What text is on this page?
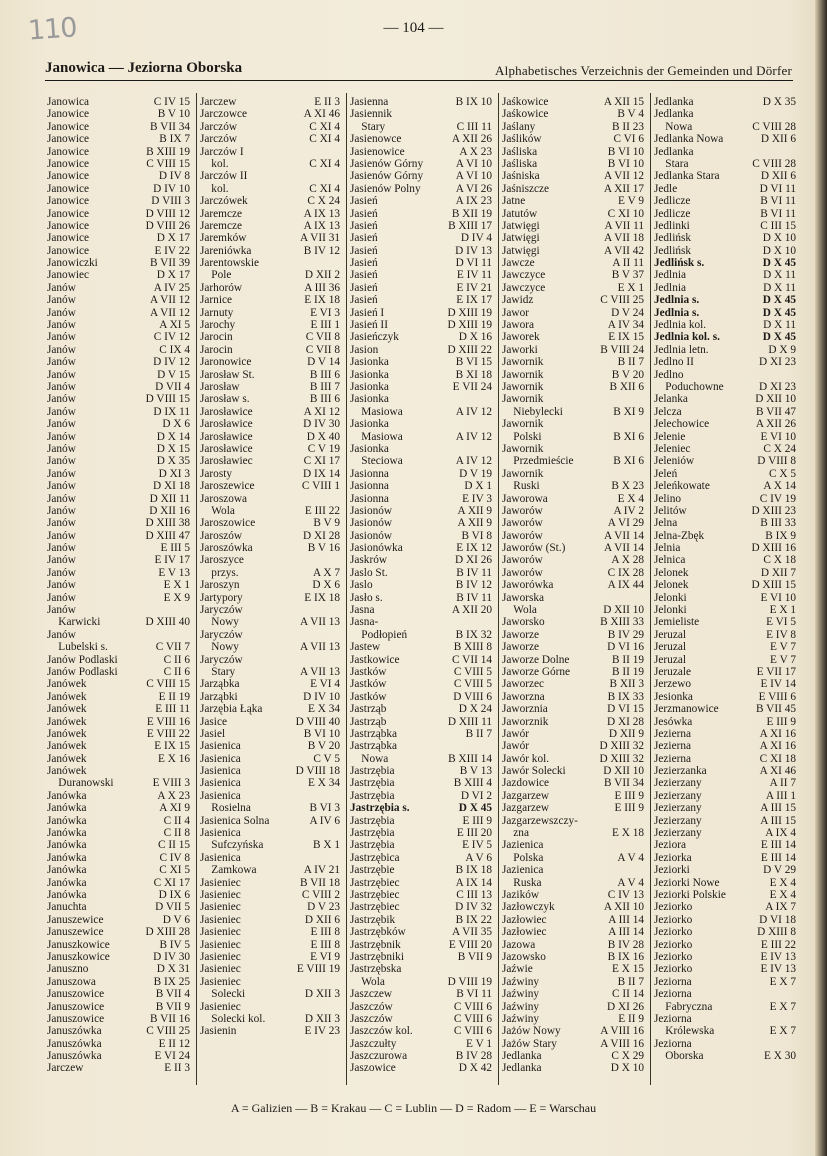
110	— 104 —
Janowica — Jeziorna Oborska	Alphabetisches Verzeichnis der Gemeinden und Dörfer
Janowica	C IV 15
Janowice	B V 10
Janowice	B VII 34
Janowice	B IX 7
Janowice	B XIII 19
Janowice	C VIII 15
Janowice	D IV 8
Janowice	D IV 10
Janowice	D VIII 3
Janowice	D VIII 12
Janowice	D VIII 26
Janowice	D X 17
Janowice	E IV 22
Janowiczki	B VII 39
Janowiec	D X 17
Janów	A IV 25
Janów	A VII 12
Janów	A VII 12
Janów	A XI 5
Janów	C IV 12
Janów	C IX 4
Janów	D IV 12
Janów	D V 15
Janów	D VII 4
Janów	D VIII 15
Janów	D IX 11
Janów	D X 6
Janów	D X 14
Janów	D X 15
Janów	D X 35
Janów	D XI 3
Janów	D XI 18
Janów	D XII 11
Janów	D XII 16
Janów	D XIII 38
Janów	D XIII 47
Janów	E III 5
Janów	E IV 17
Janów	E V 13
Janów	E X 1
Janów	E X 9
Janów
 Karwicki	D XIII 40
Janów
 Lubelski s.	C VII 7
Janów Podlaski	C II 6
Janów Podlaski	C II 6
Janówek	C VIII 15
Janówek	E II 19
Janówek	E III 11
Janówek	E VIII 16
Janówek	E VIII 22
Janówek	E IX 15
Janówek	E X 16
Janówek
 Duranowski	E VIII 3
Janówka	A X 23
Janówka	A XI 9
Janówka	C II 4
Janówka	C II 8
Janówka	C II 15
Janówka	C IV 8
Janówka	C XI 5
Janówka	C XI 17
Janówka	D IX 6
Januchta	D VII 5
Januszewice	D V 6
Januszewice	D XIII 28
Januszkowice	B IV 5
Januszkowice	D IV 30
Januszno	D X 31
Januszowa	B IX 25
Januszowice	B VII 4
Januszowice	B VII 9
Januszowice	B VII 16
Januszówka	C VIII 25
Januszówka	E II 12
Januszówka	E VI 24
Jarczew	E II 3
Jarczew	E II 3
Jarczowce	A XI 46
Jarczów	C XI 4
Jarczów	C XI 4
Jarczów I
 kol.	C XI 4
Jarczów II
 kol.	C XI 4
Jarczówek	C X 24
Jaremcze	A IX 13
Jaremcze	A IX 13
Jaremków	A VII 31
Jareniówka	B IV 12
Jarentowskie
 Pole	D XII 2
Jarhorów	A III 36
Jarnice	E IX 18
Jarnuty	E VI 3
Jarochy	E III 1
Jarocin	C VII 8
Jarocin	C VII 8
Jaronowice	D V 14
Jarosław St.	B III 6
Jarosław	B III 7
Jarosław s.	B III 6
Jarosławice	A XI 12
Jarosławice	D IV 30
Jarosławice	D X 40
Jarosławice	C V 19
Jarosławiec	C XI 17
Jarosty	D IX 14
Jaroszewice	C VIII 1
Jaroszowa
 Wola	E III 22
Jaroszowice	B V 9
Jaroszów	D XI 28
Jaroszówka	B V 16
Jaroszyce
 przys.	A X 7
Jaroszyn	D X 6
Jartypory	E IX 18
Jaryczów
 Nowy	A VII 13
Jaryczów
 Nowy	A VII 13
Jaryczów
 Stary	A VII 13
Jarząbka	E VI 4
Jarząbki	D IV 10
Jarzębia Łąka	E X 34
Jasice	D VIII 40
Jasiel	B VI 10
Jasienica	B V 20
Jasienica	C V 5
Jasienica	D VIII 18
Jasienica	E X 34
Jasienica
 Rosielna	B VI 3
Jasienica Solna	A IV 6
Jasienica
 Sufczyńska	B X 1
Jasienica
 Zamkowa	A IV 21
Jasieniec	B VII 18
Jasieniec	C VIII 2
Jasieniec	D V 23
Jasieniec	D XII 6
Jasieniec	E III 8
Jasieniec	E III 8
Jasieniec	E VI 9
Jasieniec	E VIII 19
Jasieniec
 Solecki	D XII 3
Jasieniec
 Solecki kol.	D XII 3
Jasienin	E IV 23
Jasienna	B IX 10
Jasiennik
 Stary	C III 11
Jasienowce	A XII 26
Jasienowice	A X 23
Jasienów Górny	A VI 10
Jasienów Górny	A VI 10
Jasienów Polny	A VI 26
Jasień	A IX 23
Jasień	B XII 19
Jasień	B XIII 17
Jasień	D IV 4
Jasień	D IV 13
Jasień	D VI 11
Jasień	E IV 11
Jasień	E IV 21
Jasień	E IX 17
Jasień I	D XIII 19
Jasień II	D XIII 19
Jasieńczyk	D X 16
Jasion	D XIII 22
Jasionka	B VI 15
Jasionka	B XI 18
Jasionka	E VII 24
Jasionka
 Masiowa	A IV 12
Jasionka
 Masiowa	A IV 12
Jasionka
 Steciowa	A IV 12
Jasionna	D V 19
Jasionna	D X 1
Jasionna	E IV 3
Jasionów	A XII 9
Jasionów	A XII 9
Jasionów	B VI 8
Jasionówka	E IX 12
Jaskrów	D XI 26
Jaslo St.	B IV 11
Jaslo	B IV 12
Jasło s.	B IV 11
Jasna	A XII 20
Jasna-
 Podłopień	B IX 32
Jastew	B XIII 8
Jastkowice	C VII 14
Jastków	C VIII 5
Jastków	C VIII 5
Jastków	D VIII 6
Jastrząb	D X 24
Jastrząb	D XIII 11
Jastrząbka	B II 7
Jastrząbka
 Nowa	B XIII 14
Jastrzębia	B V 13
Jastrzębia	B XIII 4
Jastrzębia	D VI 2
Jastrzębia s.	D X 45
Jastrzębia	E III 9
Jastrzębia	E III 20
Jastrzębia	E IV 5
Jastrzębica	A V 6
Jastrzębie	B IX 18
Jastrzębiec	A IX 14
Jastrzębiec	C III 13
Jastrzębiec	D IV 32
Jastrzębik	B IX 22
Jastrzębków	A VII 35
Jastrzębnik	E VIII 20
Jastrzębniki	B VII 9
Jastrzębska
 Wola	D VIII 19
Jaszczew	B VI 11
Jaszczów	C VIII 6
Jaszczów	C VIII 6
Jaszczów kol.	C VIII 6
Jaszczułty	E V 1
Jaszczurowa	B IV 28
Jaszowice	D X 42
Jaśkowice	A XII 15
Jaśkowice	B V 4
Jaślany	B II 23
Jaślików	C VI 6
Jaśliska	B VI 10
Jaśliska	B VI 10
Jaśniska	A VII 12
Jaśniszcze	A XII 17
Jatne	E V 9
Jatutów	C XI 10
Jatwięgi	A VII 11
Jatwięgi	A VII 18
Jatwięgi	A VII 42
Jawcze	A II 11
Jawczyce	B V 37
Jawczyce	E X 1
Jawidz	C VIII 25
Jawor	D V 24
Jaworа	A IV 34
Jaworek	E IX 15
Jaworki	B VIII 24
Jawornik	B II 7
Jawornik	B V 20
Jawornik	B XII 6
Jawornik
 Niebylecki	B XI 9
Jawornik
 Polski	B XI 6
Jawornik
 Przedmieście	B XI 6
Jawornik
 Ruski	B X 23
Jaworowa	E X 4
Jaworów	A IV 2
Jaworów	A VI 29
Jaworów	A VII 14
Jaworów (St.)	A VII 14
Jaworów	A X 28
Jaworów	C IX 28
Jaworówka	A IX 44
Jaworska
 Wola	D XII 10
Jaworsko	B XIII 33
Jaworze	B IV 29
Jaworze	D VI 16
Jaworze Dolne	B II 19
Jaworze Górne	B II 19
Jaworzec	B XII 3
Jaworzna	B IX 33
Jaworznia	D VI 15
Jaworznik	D XI 28
Jawór	D XII 9
Jawór	D XIII 32
Jawór kol.	D XIII 32
Jawór Solecki	D XII 10
Jazdowice	B VII 34
Jazgarzew	E III 9
Jazgarzew	E III 9
Jazgarzewszczy-
 zna	E X 18
Jazienica
 Polska	A V 4
Jazienica
 Ruska	A V 4
Jazików	C IV 13
Jazłowczyk	A XII 10
Jazłowiec	A III 14
Jazłowiec	A III 14
Jazowa	B IV 28
Jazowsko	B IX 16
Jaźwie	E X 15
Jaźwiny	B II 7
Jaźwiny	C II 14
Jaźwiny	D XI 26
Jaźwiny	E II 9
Jażów Nowy	A VIII 16
Jażów Stary	A VIII 16
Jedlanka	C X 29
Jedlanka	D X 10
Jedlanka	D X 35
Jedlanka
 Nowa	C VIII 28
Jedlanka Nowa	D XII 6
Jedlanka
 Stara	C VIII 28
Jedlanka Stara	D XII 6
Jedle	D VI 11
Jedlicze	B VI 11
Jedlicze	B VI 11
Jedlinki	C III 15
Jedlińsk	D X 10
Jedlińsk	D X 10
Jedlińsk s.	D X 45
Jedlnia	D X 11
Jedlnia	D X 11
Jedlnia s.	D X 45
Jedlnia s.	D X 45
Jedlnia kol.	D X 11
Jedlnia kol. s.	D X 45
Jedlnia letn.	D X 9
Jedlno II	D XI 23
Jedlno
 Poduchowne	D XI 23
Jelanka	D XII 10
Jelcza	B VII 47
Jelechowice	A XII 26
Jelenie	E VI 10
Jeleniec	C X 24
Jeleniów	D VIII 8
Jeleń	C X 5
Jeleńkowate	A X 14
Jelino	C IV 19
Jelitów	D XIII 23
Jelna	B III 33
Jelna-Zbęk	B IX 9
Jelnia	D XIII 16
Jelnica	C X 18
Jelonek	D XII 7
Jelonek	D XIII 15
Jelonki	E VI 10
Jelonki	E X 1
Jemieliste	E VI 5
Jeruzal	E IV 8
Jeruzal	E V 7
Jeruzal	E V 7
Jeruzale	E VII 17
Jerzewo	E IV 14
Jesionka	E VIII 6
Jerzmanowice	B VII 45
Jesówka	E III 9
Jezierna	A XI 16
Jezierna	A XI 16
Jezierna	C XI 18
Jezierzanka	A XI 46
Jezierzany	A II 7
Jezierzany	A III 1
Jezierzany	A III 15
Jezierzany	A III 15
Jezierzany	A IX 4
Jeziora	E III 14
Jeziorka	E III 14
Jeziorki	D V 29
Jeziorki Nowe	E X 4
Jeziorki Polskie	E X 4
Jeziorko	A IX 7
Jeziorko	D VI 18
Jeziorko	D XIII 8
Jeziorko	E III 22
Jeziorko	E IV 13
Jeziorko	E IV 13
Jeziorna	E X 7
Jeziorna
 Fabryczna	E X 7
Jeziorna
 Królewska	E X 7
Jeziorna
 Oborska	E X 30
A = Galizien — B = Krakau — C = Lublin — D = Radom — E = Warschau
